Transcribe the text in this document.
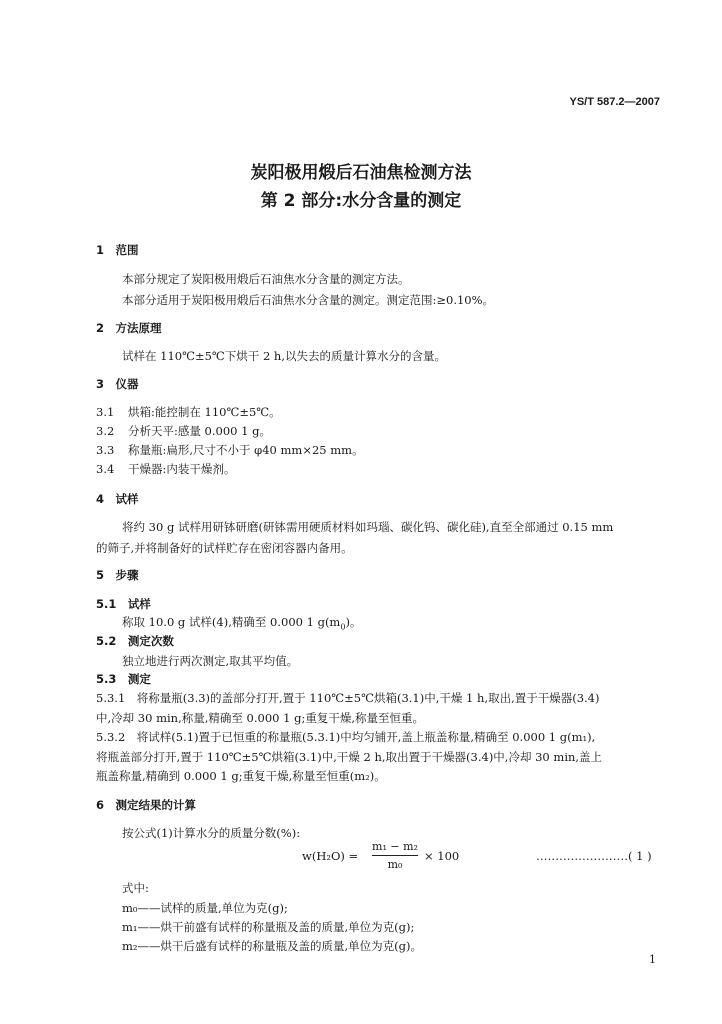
YS/T 587.2—2007
炭阳极用煅后石油焦检测方法
第 2 部分:水分含量的测定
1　范围
本部分规定了炭阳极用煅后石油焦水分含量的测定方法。
本部分适用于炭阳极用煅后石油焦水分含量的测定。测定范围:≥0.10%。
2　方法原理
试样在 110℃±5℃下烘干 2 h,以失去的质量计算水分的含量。
3　仪器
3.1 烘箱:能控制在 110℃±5℃。
3.2 分析天平:感量 0.000 1 g。
3.3 称量瓶:扁形,尺寸不小于 φ40 mm×25 mm。
3.4 干燥器:内装干燥剂。
4　试样
将约 30 g 试样用研钵研磨(研钵需用硬质材料如玛瑙、碳化钨、碳化硅),直至全部通过 0.15 mm
的筛子,并将制备好的试样贮存在密闭容器内备用。
5　步骤
5.1　试样
称取 10.0 g 试样(4),精确至 0.000 1 $g(m_0)$。
5.2　测定次数
独立地进行两次测定,取其平均值。
5.3　测定
5.3.1　将称量瓶(3.3)的盖部分打开,置于 110℃±5℃烘箱(3.1)中,干燥 1 h,取出,置于干燥器(3.4)
中,冷却 30 min,称量,精确至 0.000 1 g;重复干燥,称量至恒重。
5.3.2　将试样(5.1)置于已恒重的称量瓶(5.3.1)中均匀铺开,盖上瓶盖称量,精确至 0.000 1 g(m₁),
将瓶盖部分打开,置于 110℃±5℃烘箱(3.1)中,干燥 2 h,取出置于干燥器(3.4)中,冷却 30 min,盖上
瓶盖称量,精确到 0.000 1 g;重复干燥,称量至恒重(m₂)。
6　测定结果的计算
按公式(1)计算水分的质量分数(%):
w(H₂O) =
m₁ − m₂
m₀
× 100	……………………( 1 )
式中:
m₀——试样的质量,单位为克(g);
m₁——烘干前盛有试样的称量瓶及盖的质量,单位为克(g);
m₂——烘干后盛有试样的称量瓶及盖的质量,单位为克(g)。
1
